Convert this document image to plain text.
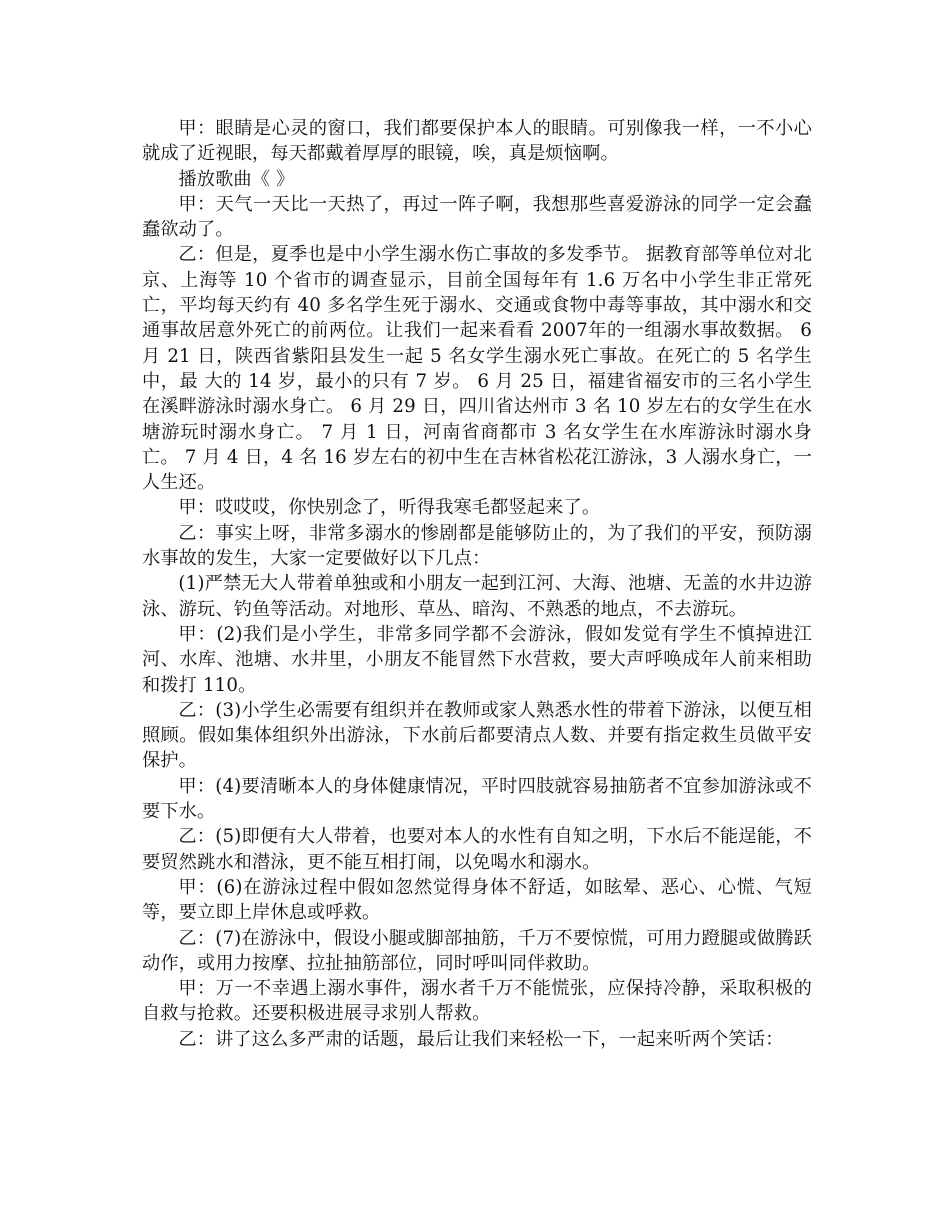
甲：眼睛是心灵的窗口，我们都要保护本人的眼睛。可别像我一样，一不小心就成了近视眼，每天都戴着厚厚的眼镜，唉，真是烦恼啊。

播放歌曲《 》

甲：天气一天比一天热了，再过一阵子啊，我想那些喜爱游泳的同学一定会蠢蠢欲动了。

乙：但是，夏季也是中小学生溺水伤亡事故的多发季节。 据教育部等单位对北京、上海等 10 个省市的调查显示，目前全国每年有 1.6 万名中小学生非正常死亡，平均每天约有 40 多名学生死于溺水、交通或食物中毒等事故，其中溺水和交通事故居意外死亡的前两位。让我们一起来看看 2007年的一组溺水事故数据。 6 月 21 日，陕西省紫阳县发生一起 5 名女学生溺水死亡事故。在死亡的 5 名学生中，最 大的 14 岁，最小的只有 7 岁。 6 月 25 日，福建省福安市的三名小学生在溪畔游泳时溺水身亡。 6 月 29 日，四川省达州市 3 名 10 岁左右的女学生在水塘游玩时溺水身亡。 7 月 1 日，河南省商都市 3 名女学生在水库游泳时溺水身亡。 7 月 4 日，4 名 16 岁左右的初中生在吉林省松花江游泳，3 人溺水身亡，一人生还。

甲：哎哎哎，你快别念了，听得我寒毛都竖起来了。

乙：事实上呀，非常多溺水的惨剧都是能够防止的，为了我们的平安，预防溺水事故的发生，大家一定要做好以下几点：

(1)严禁无大人带着单独或和小朋友一起到江河、大海、池塘、无盖的水井边游泳、游玩、钓鱼等活动。对地形、草丛、暗沟、不熟悉的地点，不去游玩。

甲：(2)我们是小学生，非常多同学都不会游泳，假如发觉有学生不慎掉进江河、水库、池塘、水井里，小朋友不能冒然下水营救，要大声呼唤成年人前来相助和拨打 110。

乙：(3)小学生必需要有组织并在教师或家人熟悉水性的带着下游泳，以便互相照顾。假如集体组织外出游泳，下水前后都要清点人数、并要有指定救生员做平安保护。

甲：(4)要清晰本人的身体健康情况，平时四肢就容易抽筋者不宜参加游泳或不要下水。

乙：(5)即便有大人带着，也要对本人的水性有自知之明，下水后不能逞能，不要贸然跳水和潜泳，更不能互相打闹，以免喝水和溺水。

甲：(6)在游泳过程中假如忽然觉得身体不舒适，如眩晕、恶心、心慌、气短等，要立即上岸休息或呼救。

乙：(7)在游泳中，假设小腿或脚部抽筋，千万不要惊慌，可用力蹬腿或做腾跃动作，或用力按摩、拉扯抽筋部位，同时呼叫同伴救助。

甲：万一不幸遇上溺水事件，溺水者千万不能慌张，应保持冷静，采取积极的自救与抢救。还要积极进展寻求别人帮救。

乙：讲了这么多严肃的话题，最后让我们来轻松一下，一起来听两个笑话：
